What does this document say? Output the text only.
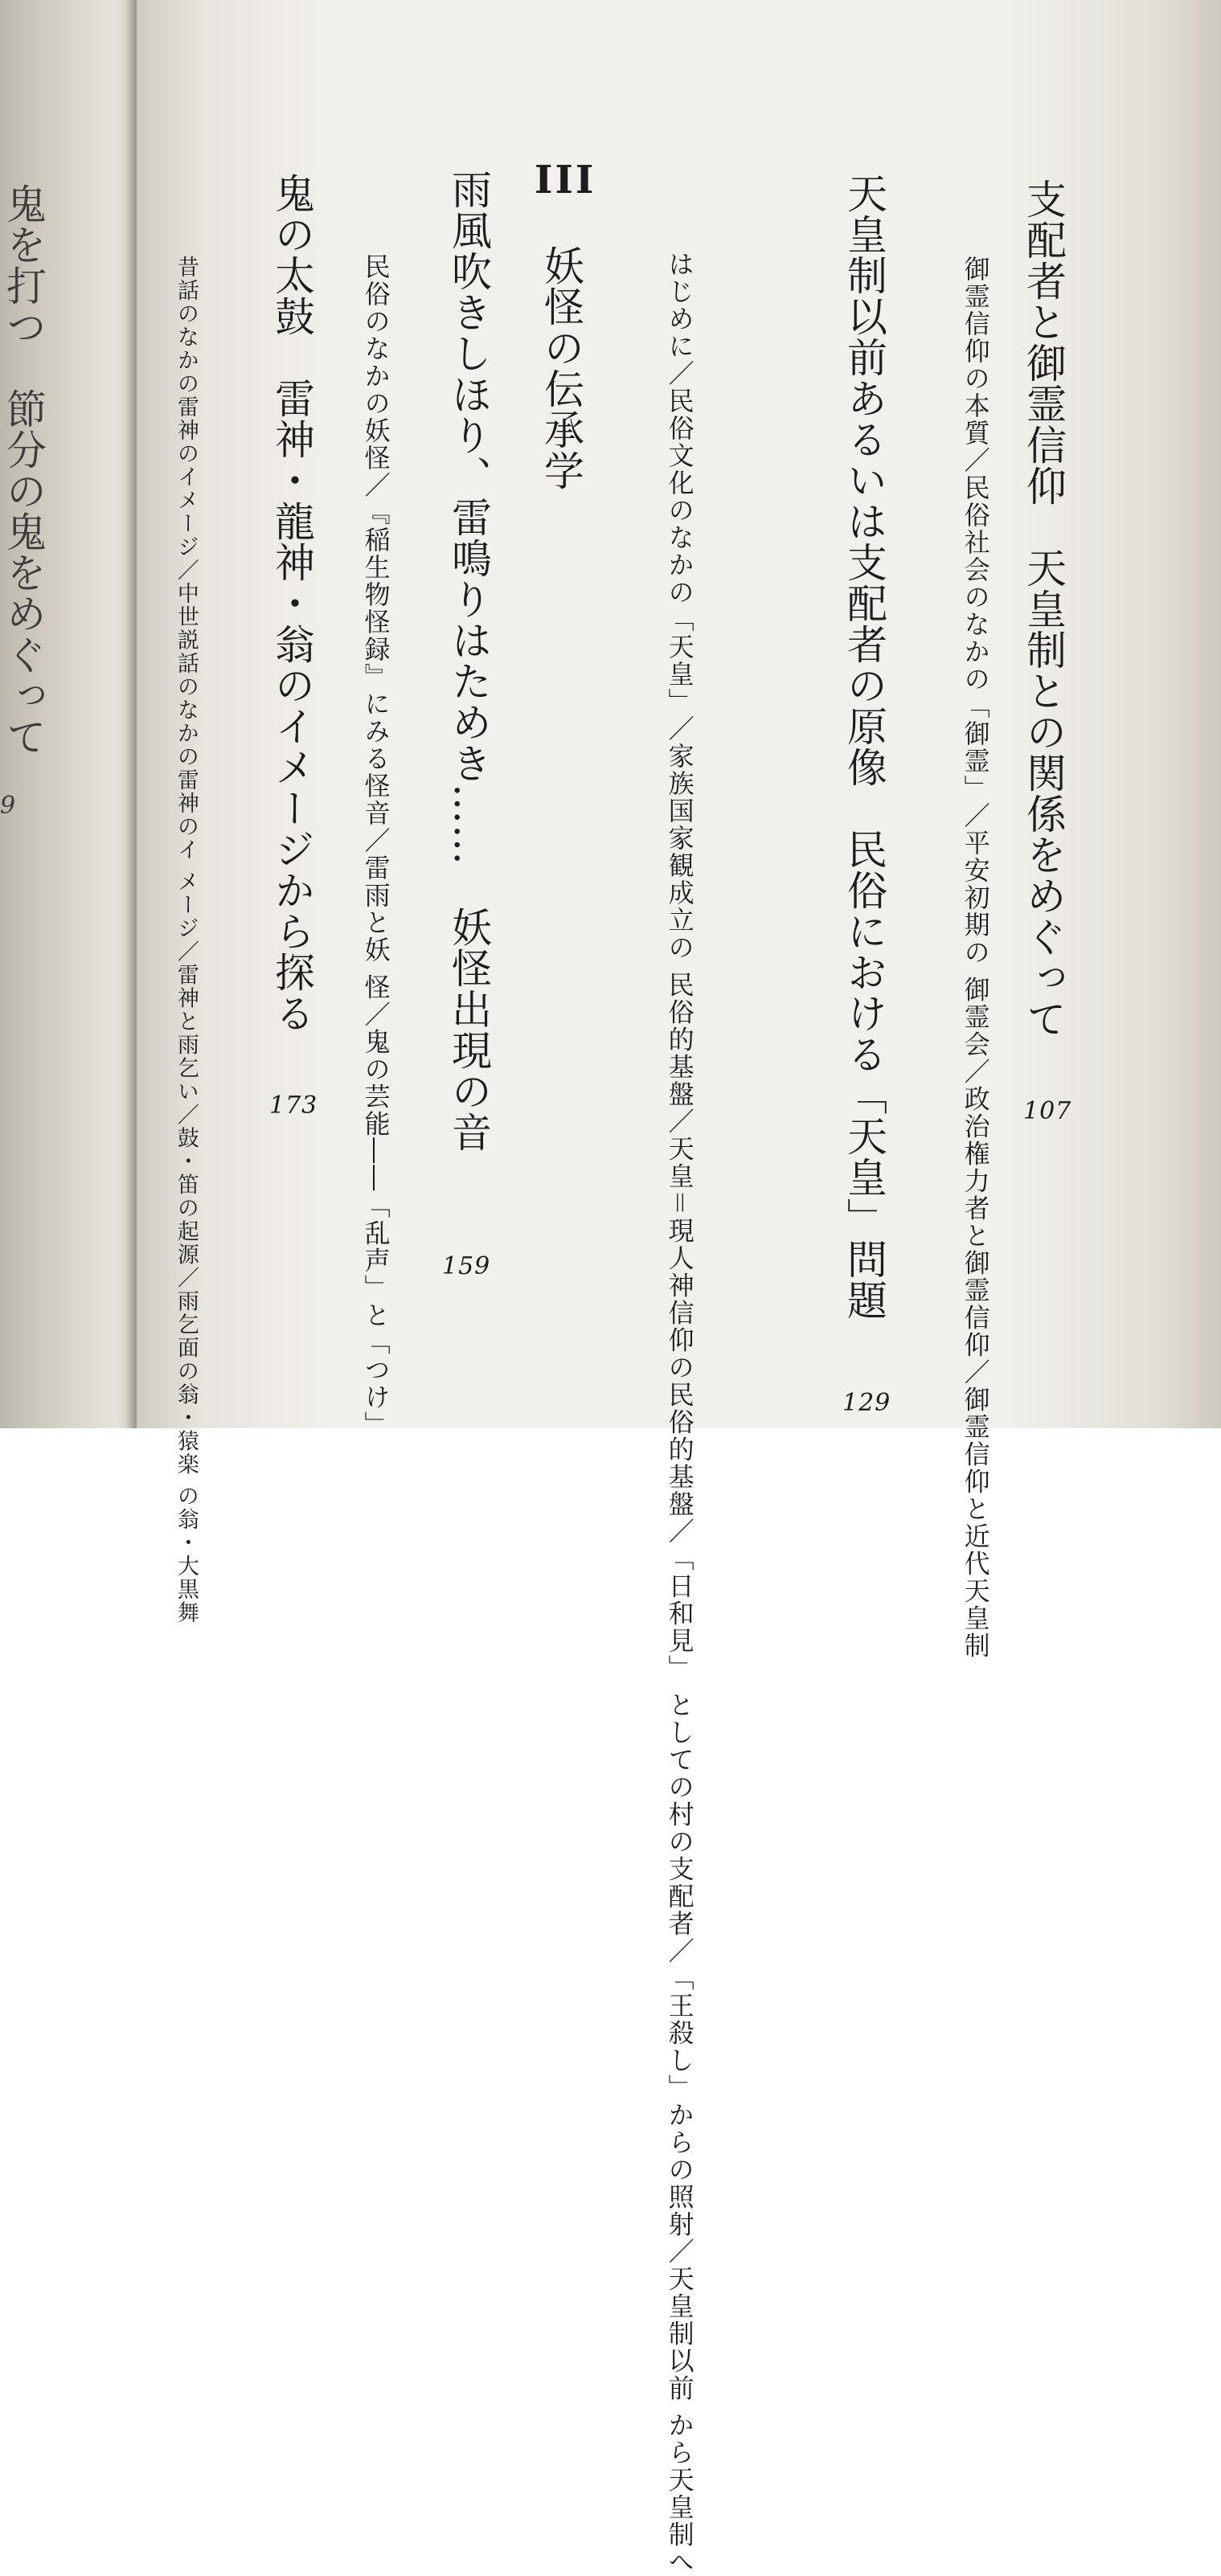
鬼を打つ　節分の鬼をめぐって
9	支配者と御霊信仰　天皇制との関係をめぐって
御霊信仰の本質／民俗社会のなかの「御霊」／平安初期の 御霊会／政治権力者と御霊信仰／御霊信仰と近代天皇制 107
天皇制以前あるいは支配者の原像　民俗における「天皇」問題
はじめに／民俗文化のなかの「天皇」／家族国家観成立の 民俗的基盤／天皇＝現人神信仰の民俗的基盤／「日和見」 としての村の支配者／「王殺し」からの照射／天皇制以前 から天皇制へ
129
III
妖怪の伝承学
雨風吹きしほり、雷鳴りはためき……　妖怪出現の音
民俗のなかの妖怪／『稲生物怪録』にみる怪音／雷雨と妖 怪／鬼の芸能――「乱声」と「つけ」 159
鬼の太鼓　雷神・龍神・翁のイメージから探る
昔話のなかの雷神のイメージ／中世説話のなかの雷神のイ メージ／雷神と雨乞い／鼓・笛の起源／雨乞面の翁・猿楽 の翁・大黒舞
173
